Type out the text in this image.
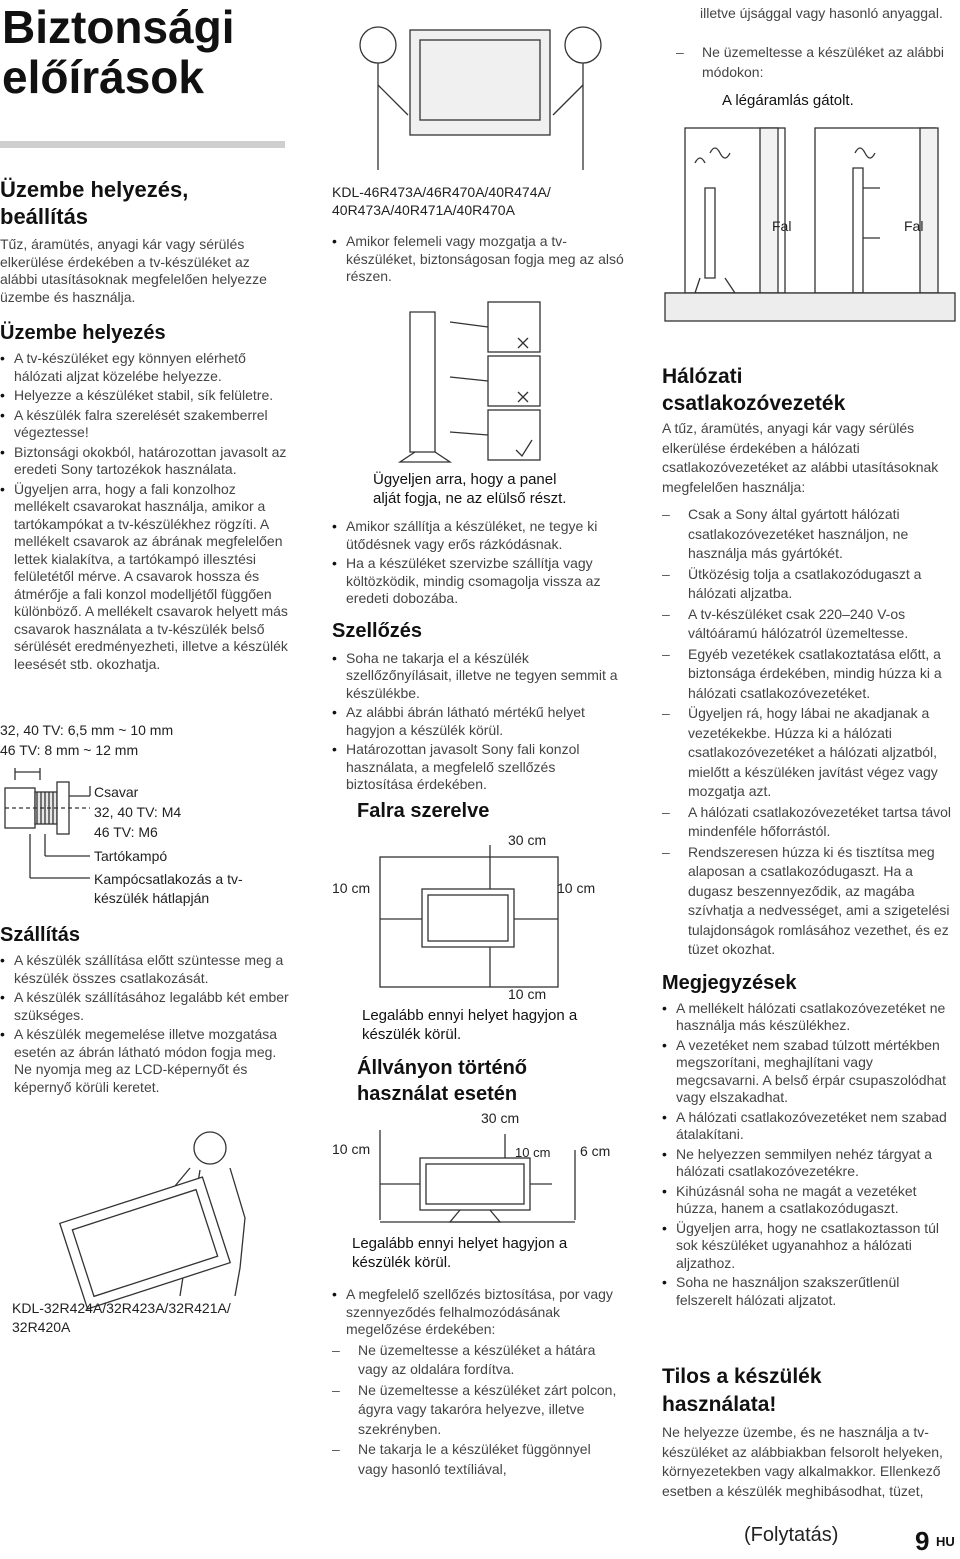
Biztonsági
előírások
Üzembe helyezés, beállítás
Tűz, áramütés, anyagi kár vagy sérülés elkerülése érdekében a tv-készüléket az alábbi utasításoknak megfelelően helyezze üzembe és használja.
Üzembe helyezés
• A tv-készüléket egy könnyen elérhető hálózati aljzat közelébe helyezze.
• Helyezze a készüléket stabil, sík felületre.
• A készülék falra szerelését szakemberrel végeztesse!
• Biztonsági okokból, határozottan javasolt az eredeti Sony tartozékok használata.
• Ügyeljen arra, hogy a fali konzolhoz mellékelt csavarokat használja, amikor a tartókampókat a tv-készülékhez rögzíti. A mellékelt csavarok az ábrának megfelelően lettek kialakítva, a tartókampó illesztési felületétől mérve. A csavarok hossza és átmérője a fali konzol modelljétől függően különböző. A mellékelt csavarok helyett más csavarok használata a tv-készülék belső sérülését eredményezheti, illetve a készülék leesését stb. okozhatja.
32, 40 TV: 6,5 mm ~ 10 mm
46 TV: 8 mm ~ 12 mm
Csavar
32, 40 TV: M4
46 TV: M6
Tartókampó
Kampócsatlakozás a tv-
készülék hátlapján
Szállítás
• A készülék szállítása előtt szüntesse meg a készülék összes csatlakozását.
• A készülék szállításához legalább két ember szükséges.
• A készülék megemelése illetve mozgatása esetén az ábrán látható módon fogja meg. Ne nyomja meg az LCD-képernyőt és képernyő körüli keretet.
KDL-32R424A/32R423A/32R421A/
32R420A
KDL-46R473A/46R470A/40R474A/
40R473A/40R471A/40R470A
• Amikor felemeli vagy mozgatja a tv-készüléket, biztonságosan fogja meg az alsó részen.
Ügyeljen arra, hogy a panel
alját fogja, ne az elülső részt.
• Amikor szállítja a készüléket, ne tegye ki ütődésnek vagy erős rázkódásnak.
• Ha a készüléket szervizbe szállítja vagy költözködik, mindig csomagolja vissza az eredeti dobozába.
Szellőzés
• Soha ne takarja el a készülék szellőzőnyílásait, illetve ne tegyen semmit a készülékbe.
• Az alábbi ábrán látható mértékű helyet hagyjon a készülék körül.
• Határozottan javasolt Sony fali konzol használata, a megfelelő szellőzés biztosítása érdekében.
Falra szerelve
30 cm
10 cm	10 cm
10 cm
Legalább ennyi helyet hagyjon a készülék körül.
Állványon történő
használat esetén
30 cm
10 cm	10 cm 6 cm
Legalább ennyi helyet hagyjon a készülék körül.
• A megfelelő szellőzés biztosítása, por vagy szennyeződés felhalmozódásának megelőzése érdekében:
– Ne üzemeltesse a készüléket a hátára vagy az oldalára fordítva.
– Ne üzemeltesse a készüléket zárt polcon, ágyra vagy takaróra helyezve, illetve szekrényben.
– Ne takarja le a készüléket függönnyel vagy hasonló textíliával,
illetve újsággal vagy hasonló anyaggal.
– Ne üzemeltesse a készüléket az alábbi módokon:
A légáramlás gátolt.
Fal	Fal
Hálózati
csatlakozóvezeték
A tűz, áramütés, anyagi kár vagy sérülés elkerülése érdekében a hálózati csatlakozóvezetéket az alábbi utasításoknak megfelelően használja:
– Csak a Sony által gyártott hálózati csatlakozóvezetéket használjon, ne használja más gyártókét.
– Ütközésig tolja a csatlakozódugaszt a hálózati aljzatba.
– A tv-készüléket csak 220–240 V-os váltóáramú hálózatról üzemeltesse.
– Egyéb vezetékek csatlakoztatása előtt, a biztonsága érdekében, mindig húzza ki a hálózati csatlakozóvezetéket.
– Ügyeljen rá, hogy lábai ne akadjanak a vezetékekbe. Húzza ki a hálózati csatlakozóvezetéket a hálózati aljzatból, mielőtt a készüléken javítást végez vagy mozgatja azt.
– A hálózati csatlakozóvezetéket tartsa távol mindenféle hőforrástól.
– Rendszeresen húzza ki és tisztítsa meg alaposan a csatlakozódugaszt. Ha a dugasz beszennyeződik, az magába szívhatja a nedvességet, ami a szigetelési tulajdonságok romlásához vezethet, és ez tüzet okozhat.
Megjegyzések
• A mellékelt hálózati csatlakozóvezetéket ne használja más készülékhez.
• A vezetéket nem szabad túlzott mértékben megszorítani, meghajlítani vagy megcsavarni. A belső érpár csupaszolódhat vagy elszakadhat.
• A hálózati csatlakozóvezetéket nem szabad átalakítani.
• Ne helyezzen semmilyen nehéz tárgyat a hálózati csatlakozóvezetékre.
• Kihúzásnál soha ne magát a vezetéket húzza, hanem a csatlakozódugaszt.
• Ügyeljen arra, hogy ne csatlakoztasson túl sok készüléket ugyanahhoz a hálózati aljzathoz.
• Soha ne használjon szakszerűtlenül felszerelt hálózati aljzatot.
Tilos a készülék
használata!
Ne helyezze üzembe, és ne használja a tv-készüléket az alábbiakban felsorolt helyeken, környezetekben vagy alkalmakkor. Ellenkező esetben a készülék meghibásodhat, tüzet,
(Folytatás)	9 HU
